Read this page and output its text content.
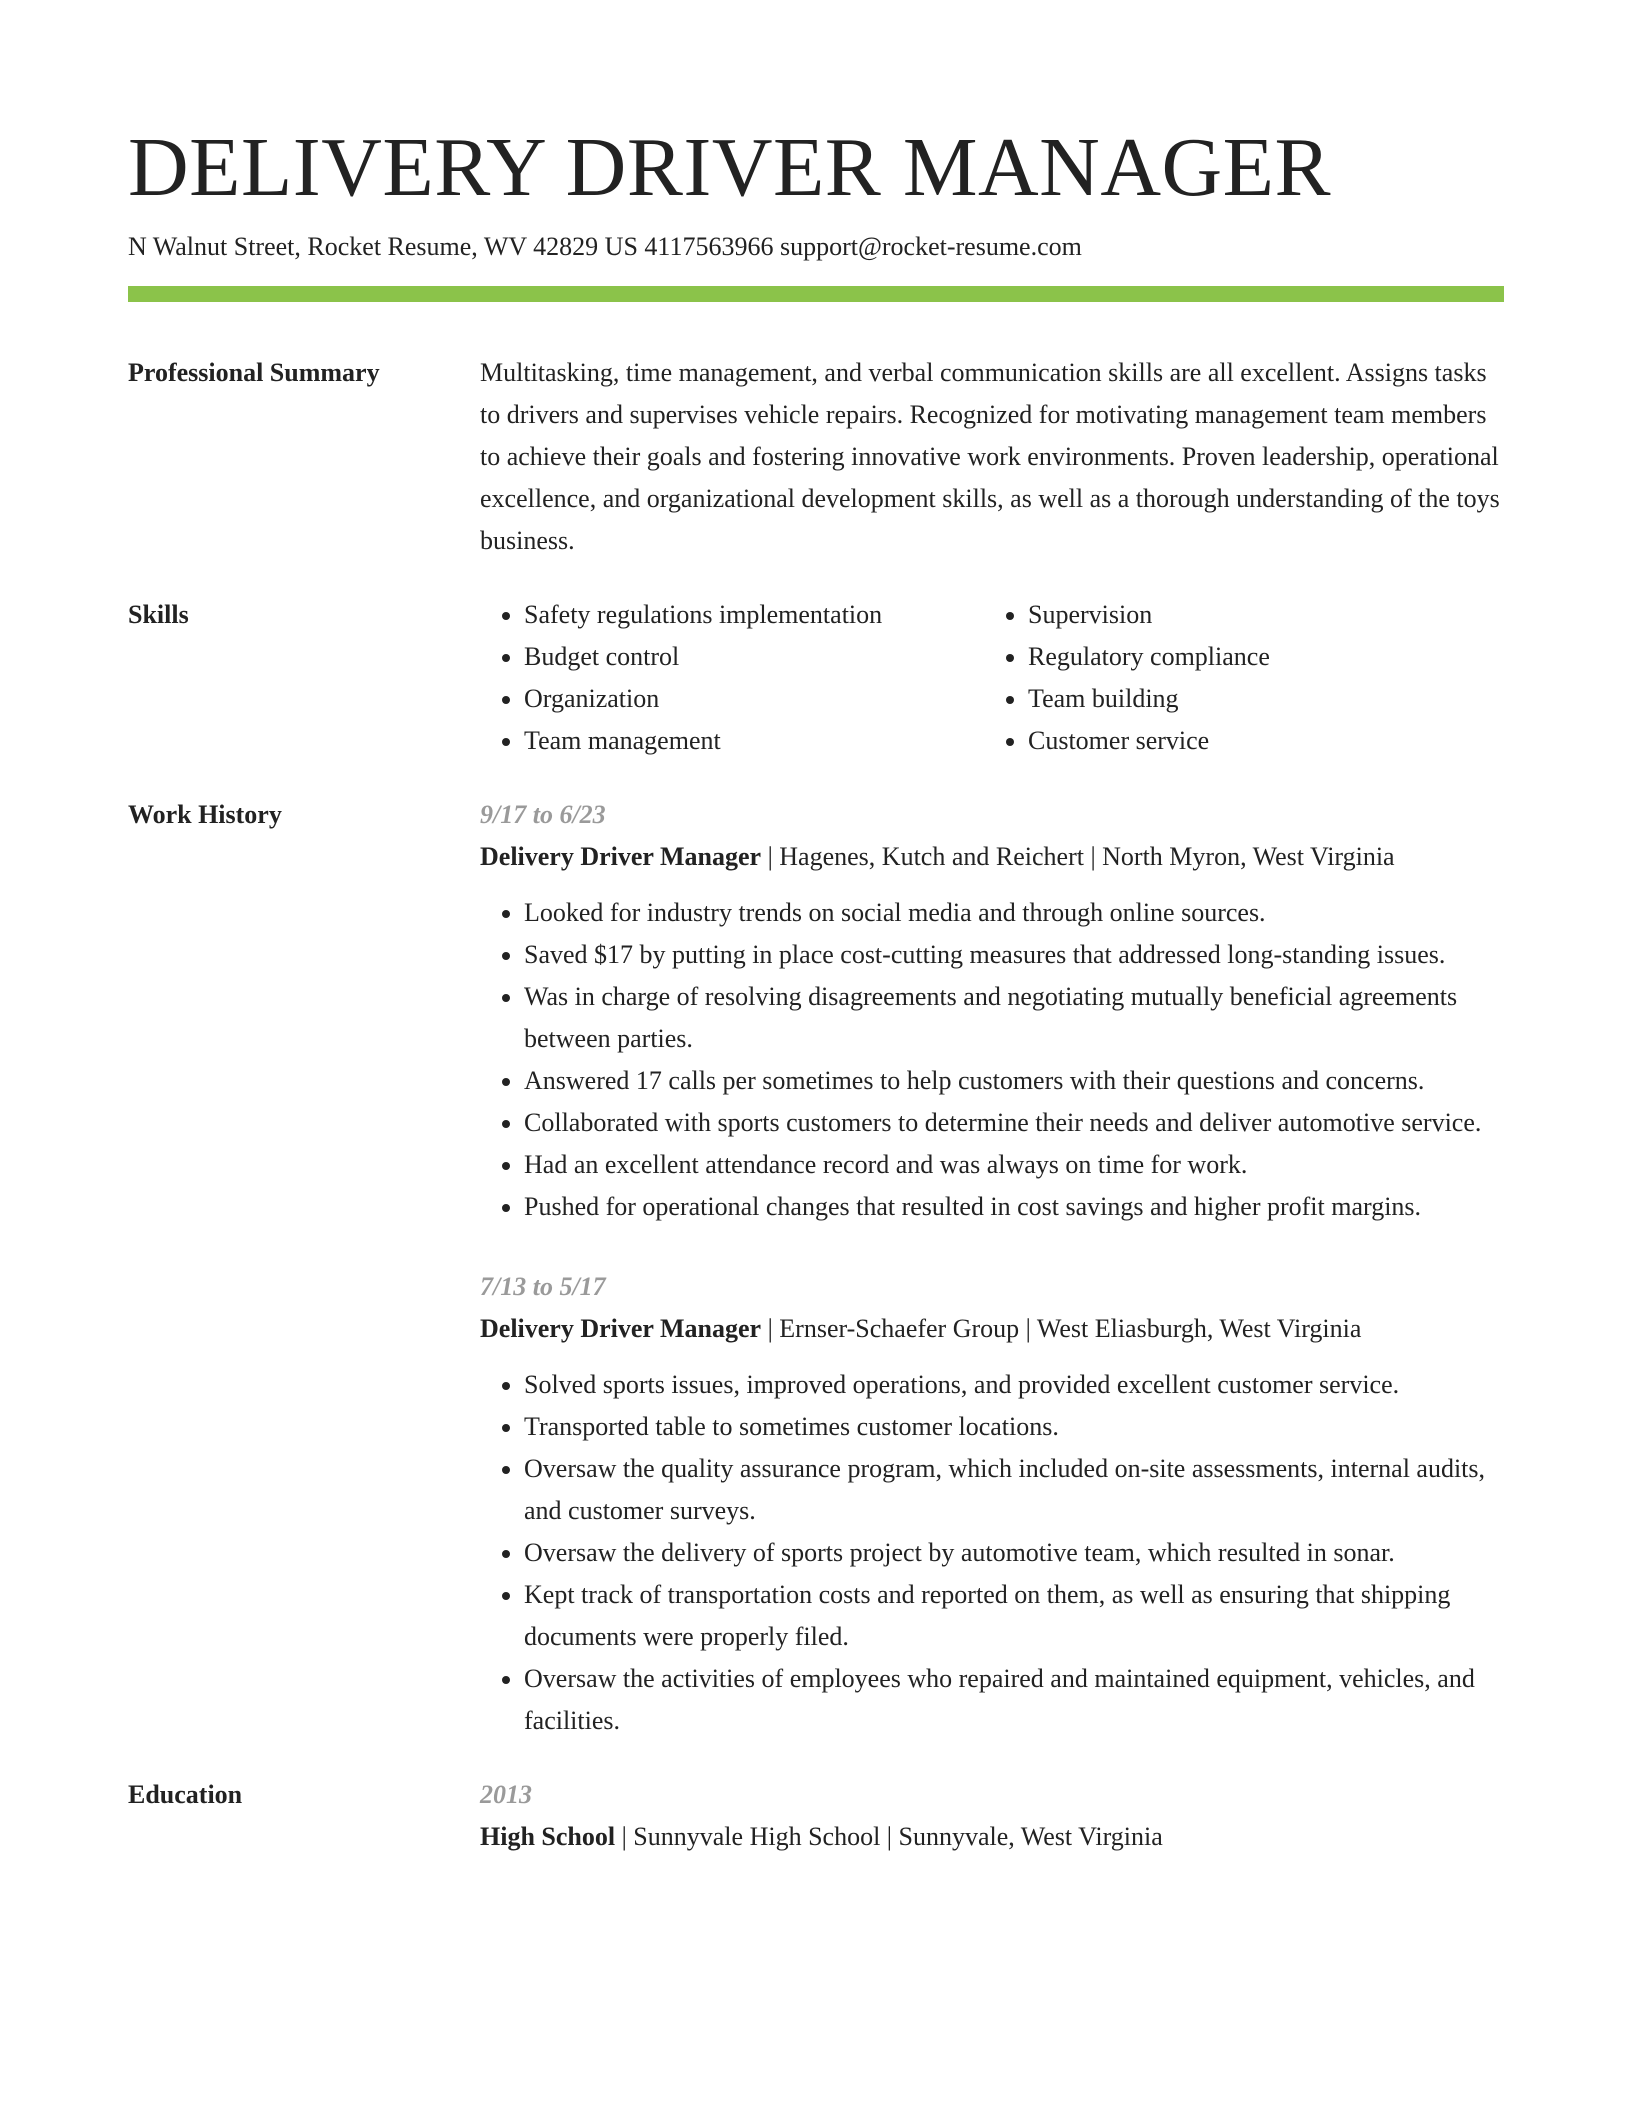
DELIVERY DRIVER MANAGER
N Walnut Street, Rocket Resume, WV 42829 US 4117563966 support@rocket-resume.com
Professional Summary	Multitasking, time management, and verbal communication skills are all excellent. Assigns tasks to drivers and supervises vehicle repairs. Recognized for motivating management team members to achieve their goals and fostering innovative work environments. Proven leadership, operational excellence, and organizational development skills, as well as a thorough understanding of the toys business.

Skills
•	Safety regulations implementation
• Budget control
• Organization
• Team management
• Supervision
• Regulatory compliance
• Team building
• Customer service
Work History	9/17 to 6/23
Delivery Driver Manager | Hagenes, Kutch and Reichert | North Myron, West Virginia
• Looked for industry trends on social media and through online sources.
• Saved $17 by putting in place cost-cutting measures that addressed long-standing issues.
• Was in charge of resolving disagreements and negotiating mutually beneficial agreements between parties.
• Answered 17 calls per sometimes to help customers with their questions and concerns.
• Collaborated with sports customers to determine their needs and deliver automotive service.
• Had an excellent attendance record and was always on time for work.
• Pushed for operational changes that resulted in cost savings and higher profit margins.
7/13 to 5/17
Delivery Driver Manager | Ernser-Schaefer Group | West Eliasburgh, West Virginia
• Solved sports issues, improved operations, and provided excellent customer service.
• Transported table to sometimes customer locations.
• Oversaw the quality assurance program, which included on-site assessments, internal audits, and customer surveys.
• Oversaw the delivery of sports project by automotive team, which resulted in sonar.
• Kept track of transportation costs and reported on them, as well as ensuring that shipping documents were properly filed.
• Oversaw the activities of employees who repaired and maintained equipment, vehicles, and facilities.
Education	2013
High School | Sunnyvale High School | Sunnyvale, West Virginia
